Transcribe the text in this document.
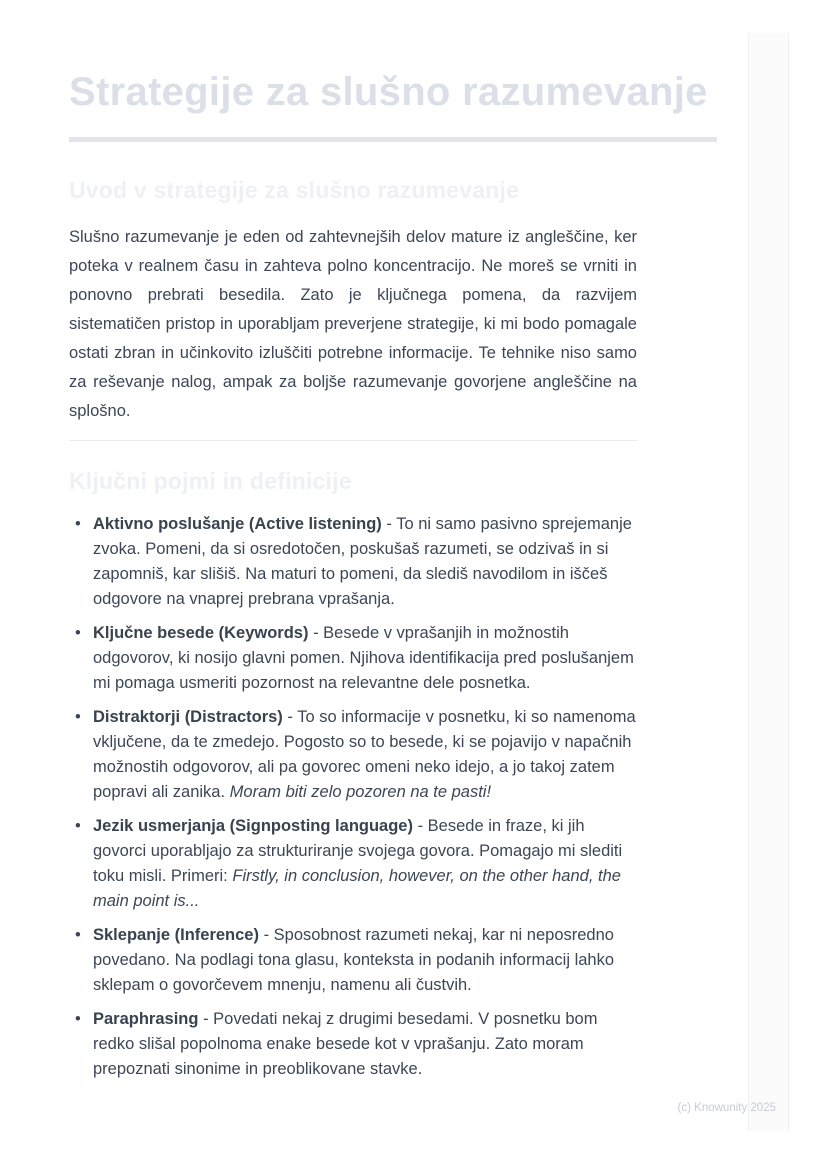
Strategije za slušno razumevanje
Uvod v strategije za slušno razumevanje

Slušno razumevanje je eden od zahtevnejših delov mature iz angleščine, ker poteka v realnem času in zahteva polno koncentracijo. Ne moreš se vrniti in ponovno prebrati besedila. Zato je ključnega pomena, da razvijem sistematičen pristop in uporabljam preverjene strategije, ki mi bodo pomagale ostati zbran in učinkovito izluščiti potrebne informacije. Te tehnike niso samo za reševanje nalog, ampak za boljše razumevanje govorjene angleščine na splošno.

Ključni pojmi in definicije
• Aktivno poslušanje (Active listening) - To ni samo pasivno sprejemanje zvoka. Pomeni, da si osredotočen, poskušaš razumeti, se odzivaš in si zapomniš, kar slišiš. Na maturi to pomeni, da slediš navodilom in iščeš odgovore na vnaprej prebrana vprašanja.
• Ključne besede (Keywords) - Besede v vprašanjih in možnostih odgovorov, ki nosijo glavni pomen. Njihova identifikacija pred poslušanjem mi pomaga usmeriti pozornost na relevantne dele posnetka.
• Distraktorji (Distractors) - To so informacije v posnetku, ki so namenoma vključene, da te zmedejo. Pogosto so to besede, ki se pojavijo v napačnih možnostih odgovorov, ali pa govorec omeni neko idejo, a jo takoj zatem popravi ali zanika. Moram biti zelo pozoren na te pasti!
• Jezik usmerjanja (Signposting language) - Besede in fraze, ki jih govorci uporabljajo za strukturiranje svojega govora. Pomagajo mi slediti toku misli. Primeri: Firstly, in conclusion, however, on the other hand, the main point is...
• Sklepanje (Inference) - Sposobnost razumeti nekaj, kar ni neposredno povedano. Na podlagi tona glasu, konteksta in podanih informacij lahko sklepam o govorčevem mnenju, namenu ali čustvih.
• Paraphrasing - Povedati nekaj z drugimi besedami. V posnetku bom redko slišal popolnoma enake besede kot v vprašanju. Zato moram prepoznati sinonime in preoblikovane stavke.
(c) Knowunity 2025
